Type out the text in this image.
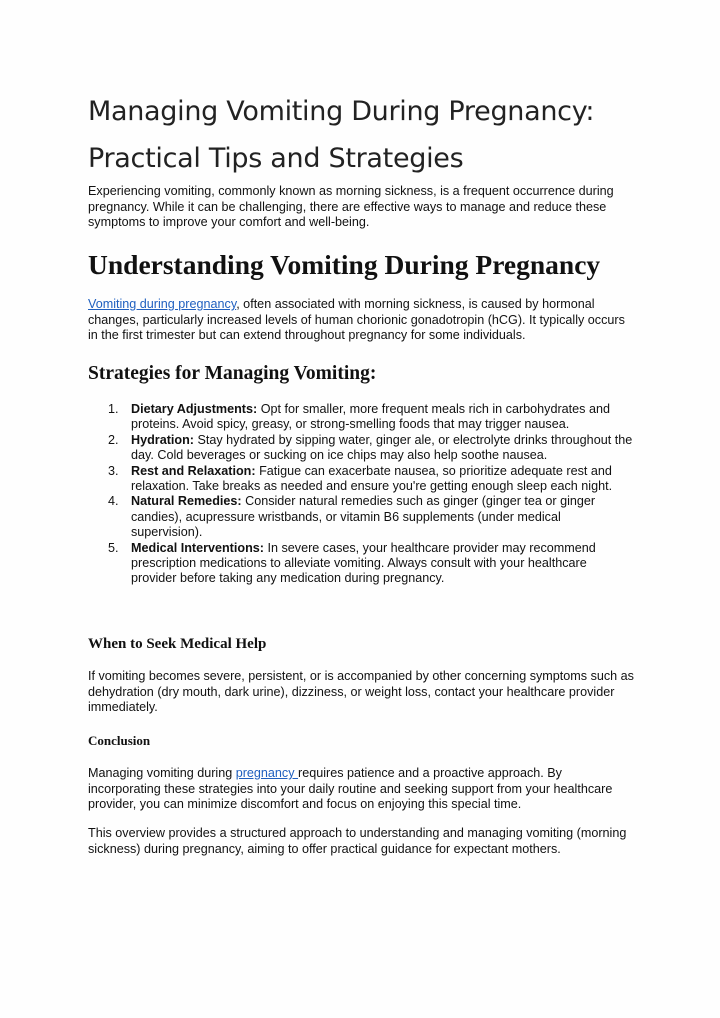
Managing Vomiting During Pregnancy: Practical Tips and Strategies

Experiencing vomiting, commonly known as morning sickness, is a frequent occurrence during pregnancy. While it can be challenging, there are effective ways to manage and reduce these symptoms to improve your comfort and well-being.

Understanding Vomiting During Pregnancy

Vomiting during pregnancy, often associated with morning sickness, is caused by hormonal changes, particularly increased levels of human chorionic gonadotropin (hCG). It typically occurs in the first trimester but can extend throughout pregnancy for some individuals.

Strategies for Managing Vomiting:
1. Dietary Adjustments: Opt for smaller, more frequent meals rich in carbohydrates and proteins. Avoid spicy, greasy, or strong-smelling foods that may trigger nausea.
2. Hydration: Stay hydrated by sipping water, ginger ale, or electrolyte drinks throughout the day. Cold beverages or sucking on ice chips may also help soothe nausea.
3. Rest and Relaxation: Fatigue can exacerbate nausea, so prioritize adequate rest and relaxation. Take breaks as needed and ensure you're getting enough sleep each night.
4. Natural Remedies: Consider natural remedies such as ginger (ginger tea or ginger candies), acupressure wristbands, or vitamin B6 supplements (under medical supervision).
5. Medical Interventions: In severe cases, your healthcare provider may recommend prescription medications to alleviate vomiting. Always consult with your healthcare provider before taking any medication during pregnancy.
When to Seek Medical Help

If vomiting becomes severe, persistent, or is accompanied by other concerning symptoms such as dehydration (dry mouth, dark urine), dizziness, or weight loss, contact your healthcare provider immediately.

Conclusion

Managing vomiting during pregnancy requires patience and a proactive approach. By incorporating these strategies into your daily routine and seeking support from your healthcare provider, you can minimize discomfort and focus on enjoying this special time.

This overview provides a structured approach to understanding and managing vomiting (morning sickness) during pregnancy, aiming to offer practical guidance for expectant mothers.
